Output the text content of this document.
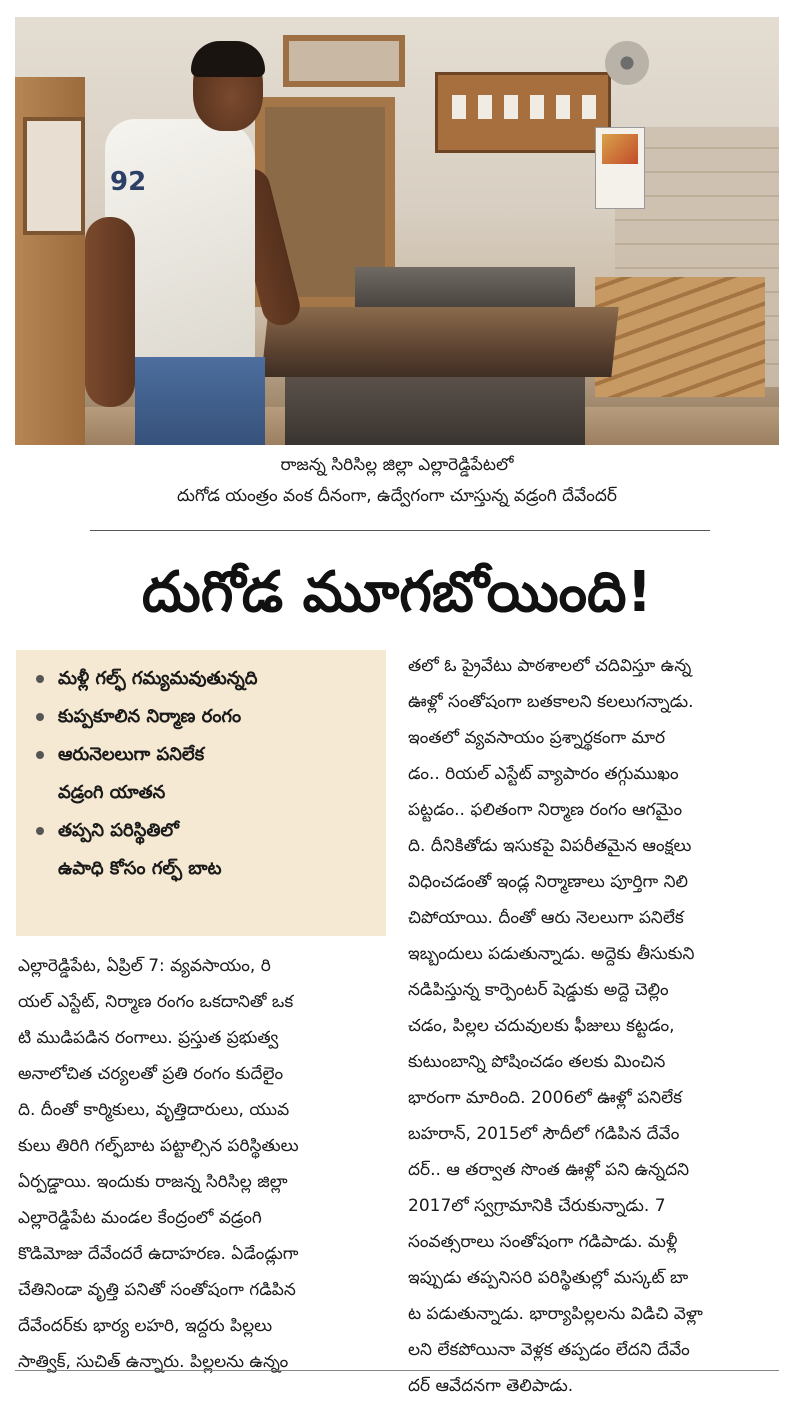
92
రాజన్న సిరిసిల్ల జిల్లా ఎల్లారెడ్డిపేటలో
దుగోడ యంత్రం వంక దీనంగా, ఉద్వేగంగా చూస్తున్న వడ్రంగి దేవేందర్
దుగోడ మూగబోయింది!
మళ్లీ గల్ఫ్ గమ్యమవుతున్నది
కుప్పకూలిన నిర్మాణ రంగం
ఆరునెలలుగా పనిలేక
వడ్రంగి యాతన
తప్పని పరిస్థితిలో
ఉపాధి కోసం గల్ఫ్ బాట
ఎల్లారెడ్డిపేట, ఏప్రిల్ 7: వ్యవసాయం, రి
యల్ ఎస్టేట్, నిర్మాణ రంగం ఒకదానితో ఒక
టి ముడిపడిన రంగాలు. ప్రస్తుత ప్రభుత్వ
అనాలోచిత చర్యలతో ప్రతి రంగం కుదేలైం
ది. దీంతో కార్మికులు, వృత్తిదారులు, యువ
కులు తిరిగి గల్ఫ్‌బాట పట్టాల్సిన పరిస్థితులు
ఏర్పడ్డాయి. ఇందుకు రాజన్న సిరిసిల్ల జిల్లా
ఎల్లారెడ్డిపేట మండల కేంద్రంలో వడ్రంగి
కొడిమోజు దేవేందరే ఉదాహరణ. ఏడేండ్లుగా
చేతినిండా వృత్తి పనితో సంతోషంగా గడిపిన
దేవేందర్‌కు భార్య లహరి, ఇద్దరు పిల్లలు
సాత్విక్, సుచిత్ ఉన్నారు. పిల్లలను ఉన్నం
తలో ఓ ప్రైవేటు పాఠశాలలో చదివిస్తూ ఉన్న
ఊళ్లో సంతోషంగా బతకాలని కలలుగన్నాడు.
ఇంతలో వ్యవసాయం ప్రశ్నార్థకంగా మార
డం.. రియల్ ఎస్టేట్ వ్యాపారం తగ్గుముఖం
పట్టడం.. ఫలితంగా నిర్మాణ రంగం ఆగమైం
ది. దీనికితోడు ఇసుకపై విపరీతమైన ఆంక్షలు
విధించడంతో ఇండ్ల నిర్మాణాలు పూర్తిగా నిలి
చిపోయాయి. దీంతో ఆరు నెలలుగా పనిలేక
ఇబ్బందులు పడుతున్నాడు. అద్దెకు తీసుకుని
నడిపిస్తున్న కార్పెంటర్ షెడ్డుకు అద్దె చెల్లిం
చడం, పిల్లల చదువులకు ఫీజులు కట్టడం,
కుటుంబాన్ని పోషించడం తలకు మించిన
భారంగా మారింది. 2006లో ఊళ్లో పనిలేక
బహరాన్, 2015లో సౌదీలో గడిపిన దేవేం
దర్.. ఆ తర్వాత సొంత ఊళ్లో పని ఉన్నదని
2017లో స్వగ్రామానికి చేరుకున్నాడు. 7
సంవత్సరాలు సంతోషంగా గడిపాడు. మళ్లీ
ఇప్పుడు తప్పనిసరి పరిస్థితుల్లో మస్కట్ బా
ట పడుతున్నాడు. భార్యాపిల్లలను విడిచి వెళ్లా
లని లేకపోయినా వెళ్లక తప్పడం లేదని దేవేం
దర్ ఆవేదనగా తెలిపాడు.
